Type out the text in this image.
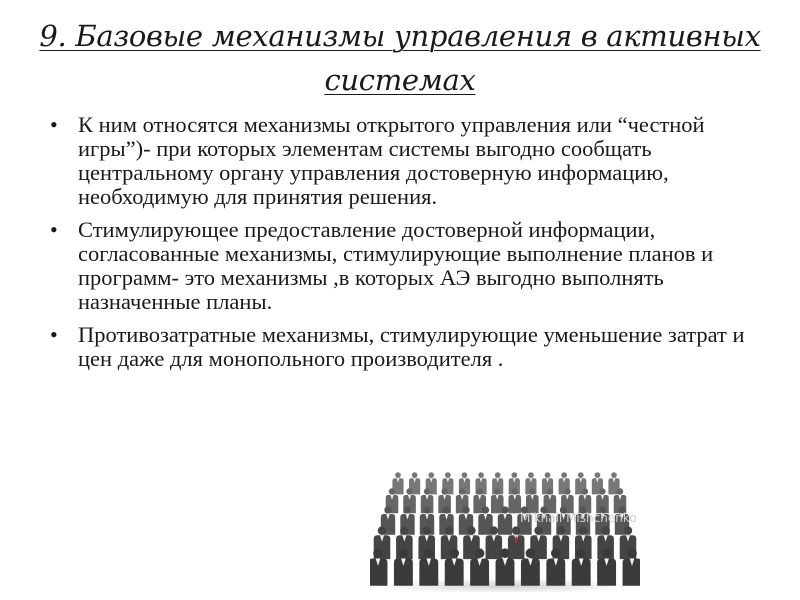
9. Базовые механизмы управления в активных системах
• К ним относятся механизмы открытого управления или “честной игры”)- при которых элементам системы выгодно сообщать центральному органу управления достоверную информацию, необходимую для принятия решения.
• Стимулирующее предоставление достоверной информации, согласованные механизмы, стимулирующие выполнение планов и программ- это механизмы ,в которых АЭ выгодно выполнять назначенные планы.
• Противозатратные механизмы, стимулирующие уменьшение затрат и цен даже для монопольного производителя .
Mikhail Mishchenko
